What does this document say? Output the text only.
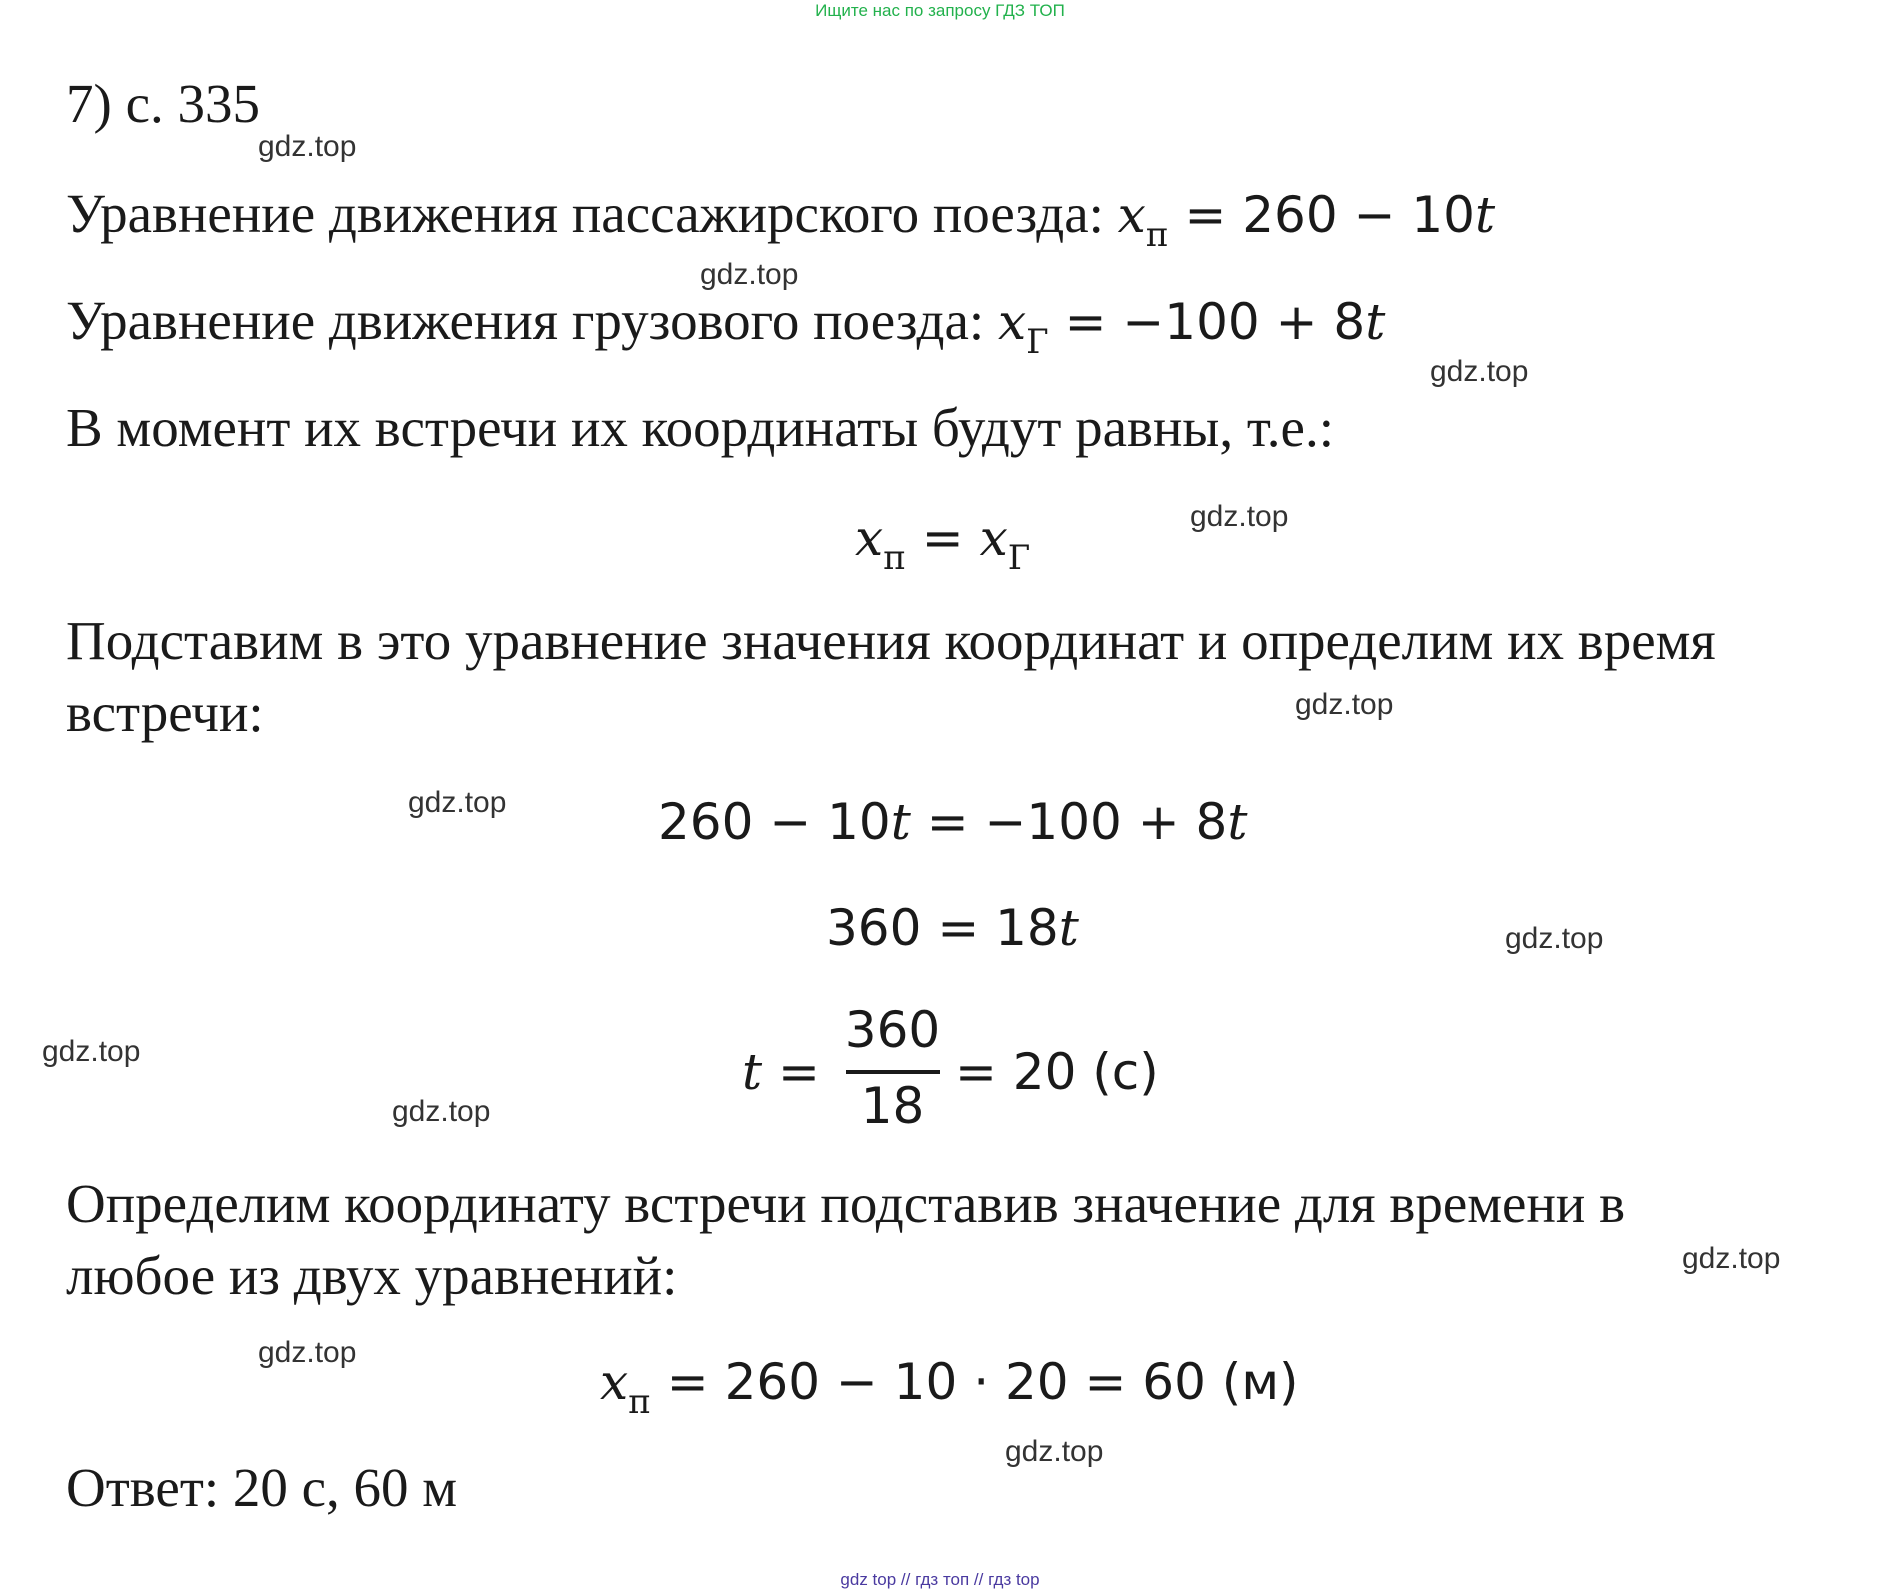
Ищите нас по запросу ГДЗ ТОП
7) с. 335
gdz.top
Уравнение движения пассажирского поезда: $x_п = 260 - 10t$
gdz.top
Уравнение движения грузового поезда: $x_Г = -100 + 8t$
gdz.top
В момент их встречи их координаты будут равны, т.е.:
$x_п = x_Г$
gdz.top
Подставим в это уравнение значения координат и определим их время
встречи:	gdz.top
gdz.top	260 − 10t = −100 + 8t
360 = 18t	gdz.top
gdz.top	t =
360
18
= 20 (с)
gdz.top
Определим координату встречи подставив значение для времени в
gdz.top
любое из двух уравнений:
gdz.top
$x_п = 260 - 10 \cdot 20 = 60$ (м)
gdz.top
Ответ: 20 с, 60 м
gdz top // гдз топ // гдз top
